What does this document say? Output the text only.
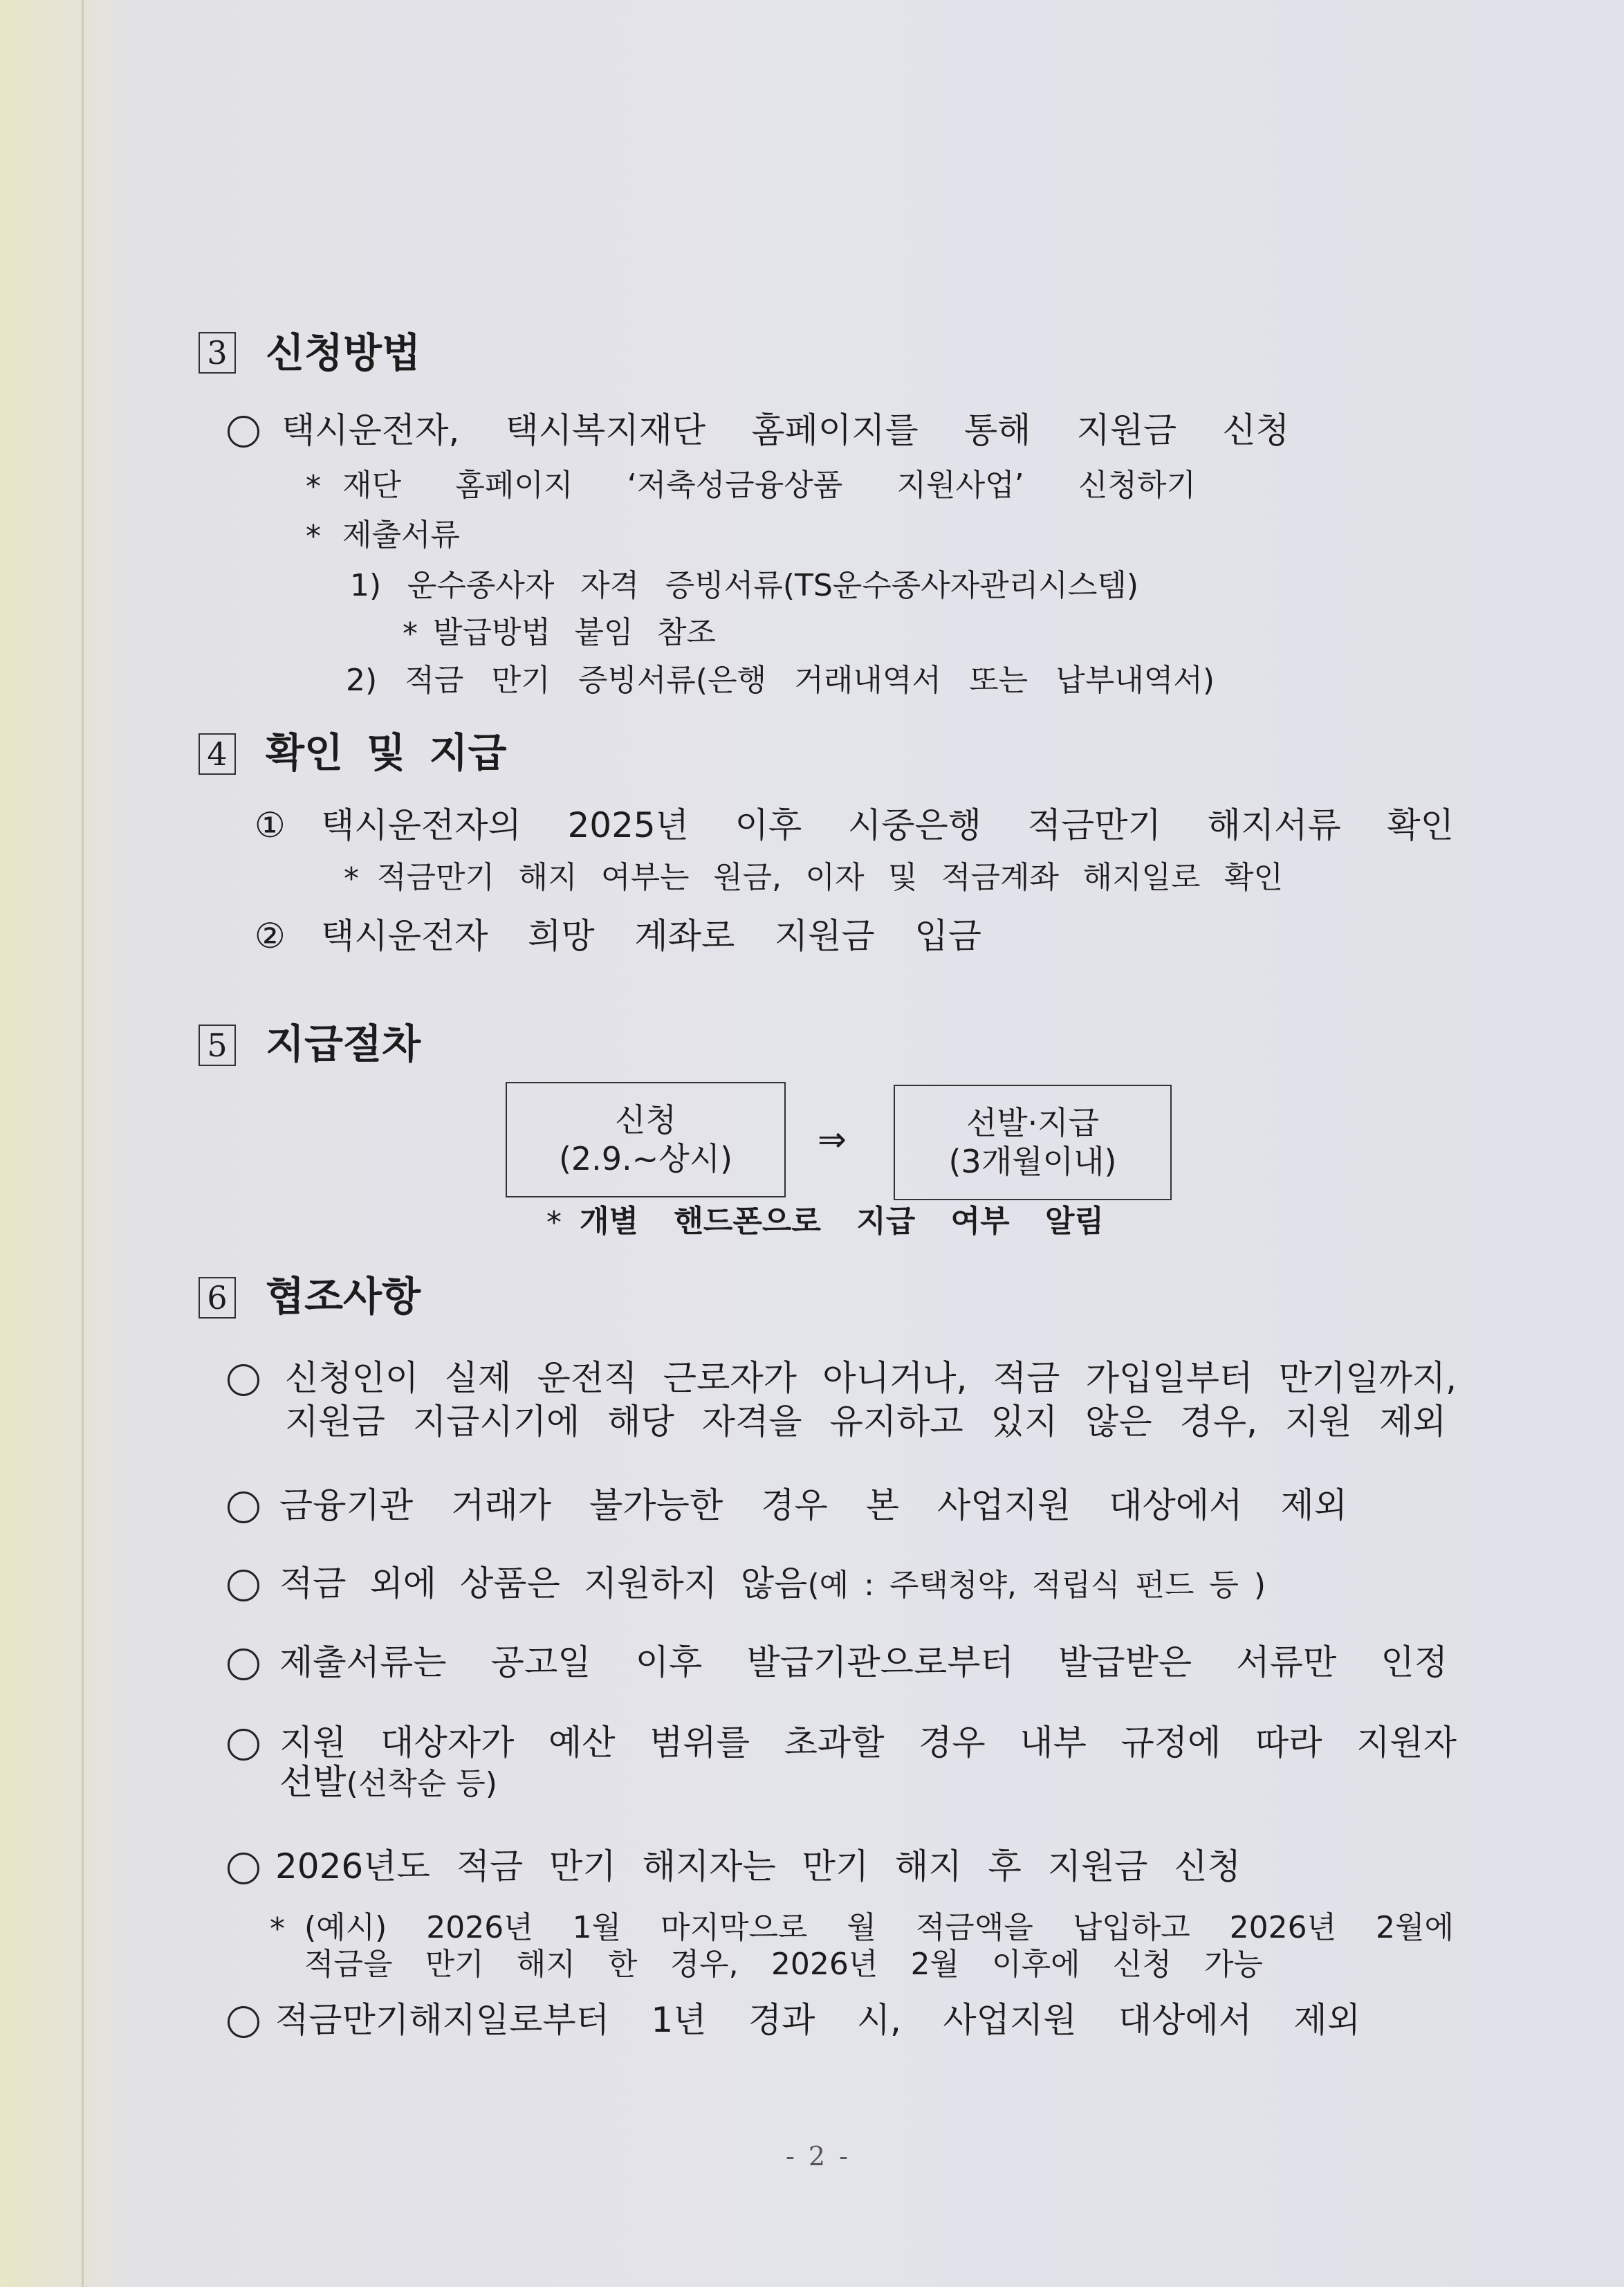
3 신청방법
택시운전자, 택시복지재단 홈페이지를 통해 지원금 신청
* 재단 홈페이지 ‘저축성금융상품 지원사업’ 신청하기
* 제출서류
1) 운수종사자 자격 증빙서류(TS운수종사자관리시스템)
* 발급방법 붙임 참조
2) 적금 만기 증빙서류(은행 거래내역서 또는 납부내역서)
4 확인 및 지급
① 택시운전자의 2025년 이후 시중은행 적금만기 해지서류 확인
* 적금만기 해지 여부는 원금, 이자 및 적금계좌 해지일로 확인
② 택시운전자 희망 계좌로 지원금 입금
5 지급절차
신청
(2.9.~상시) ⇒	선발·지급
(3개월이내)
* 개별 핸드폰으로 지급 여부 알림
6 협조사항
신청인이 실제 운전직 근로자가 아니거나, 적금 가입일부터 만기일까지,
지원금 지급시기에 해당 자격을 유지하고 있지 않은 경우, 지원 제외
금융기관 거래가 불가능한 경우 본 사업지원 대상에서 제외
적금 외에 상품은 지원하지 않음(예 : 주택청약, 적립식 펀드 등 )
제출서류는 공고일 이후 발급기관으로부터 발급받은 서류만 인정
지원 대상자가 예산 범위를 초과할 경우 내부 규정에 따라 지원자
선발(선착순 등)
2026년도 적금 만기 해지자는 만기 해지 후 지원금 신청
* (예시) 2026년 1월 마지막으로 월 적금액을 납입하고 2026년 2월에
적금을 만기 해지 한 경우, 2026년 2월 이후에 신청 가능
적금만기해지일로부터 1년 경과 시, 사업지원 대상에서 제외
- 2 -
